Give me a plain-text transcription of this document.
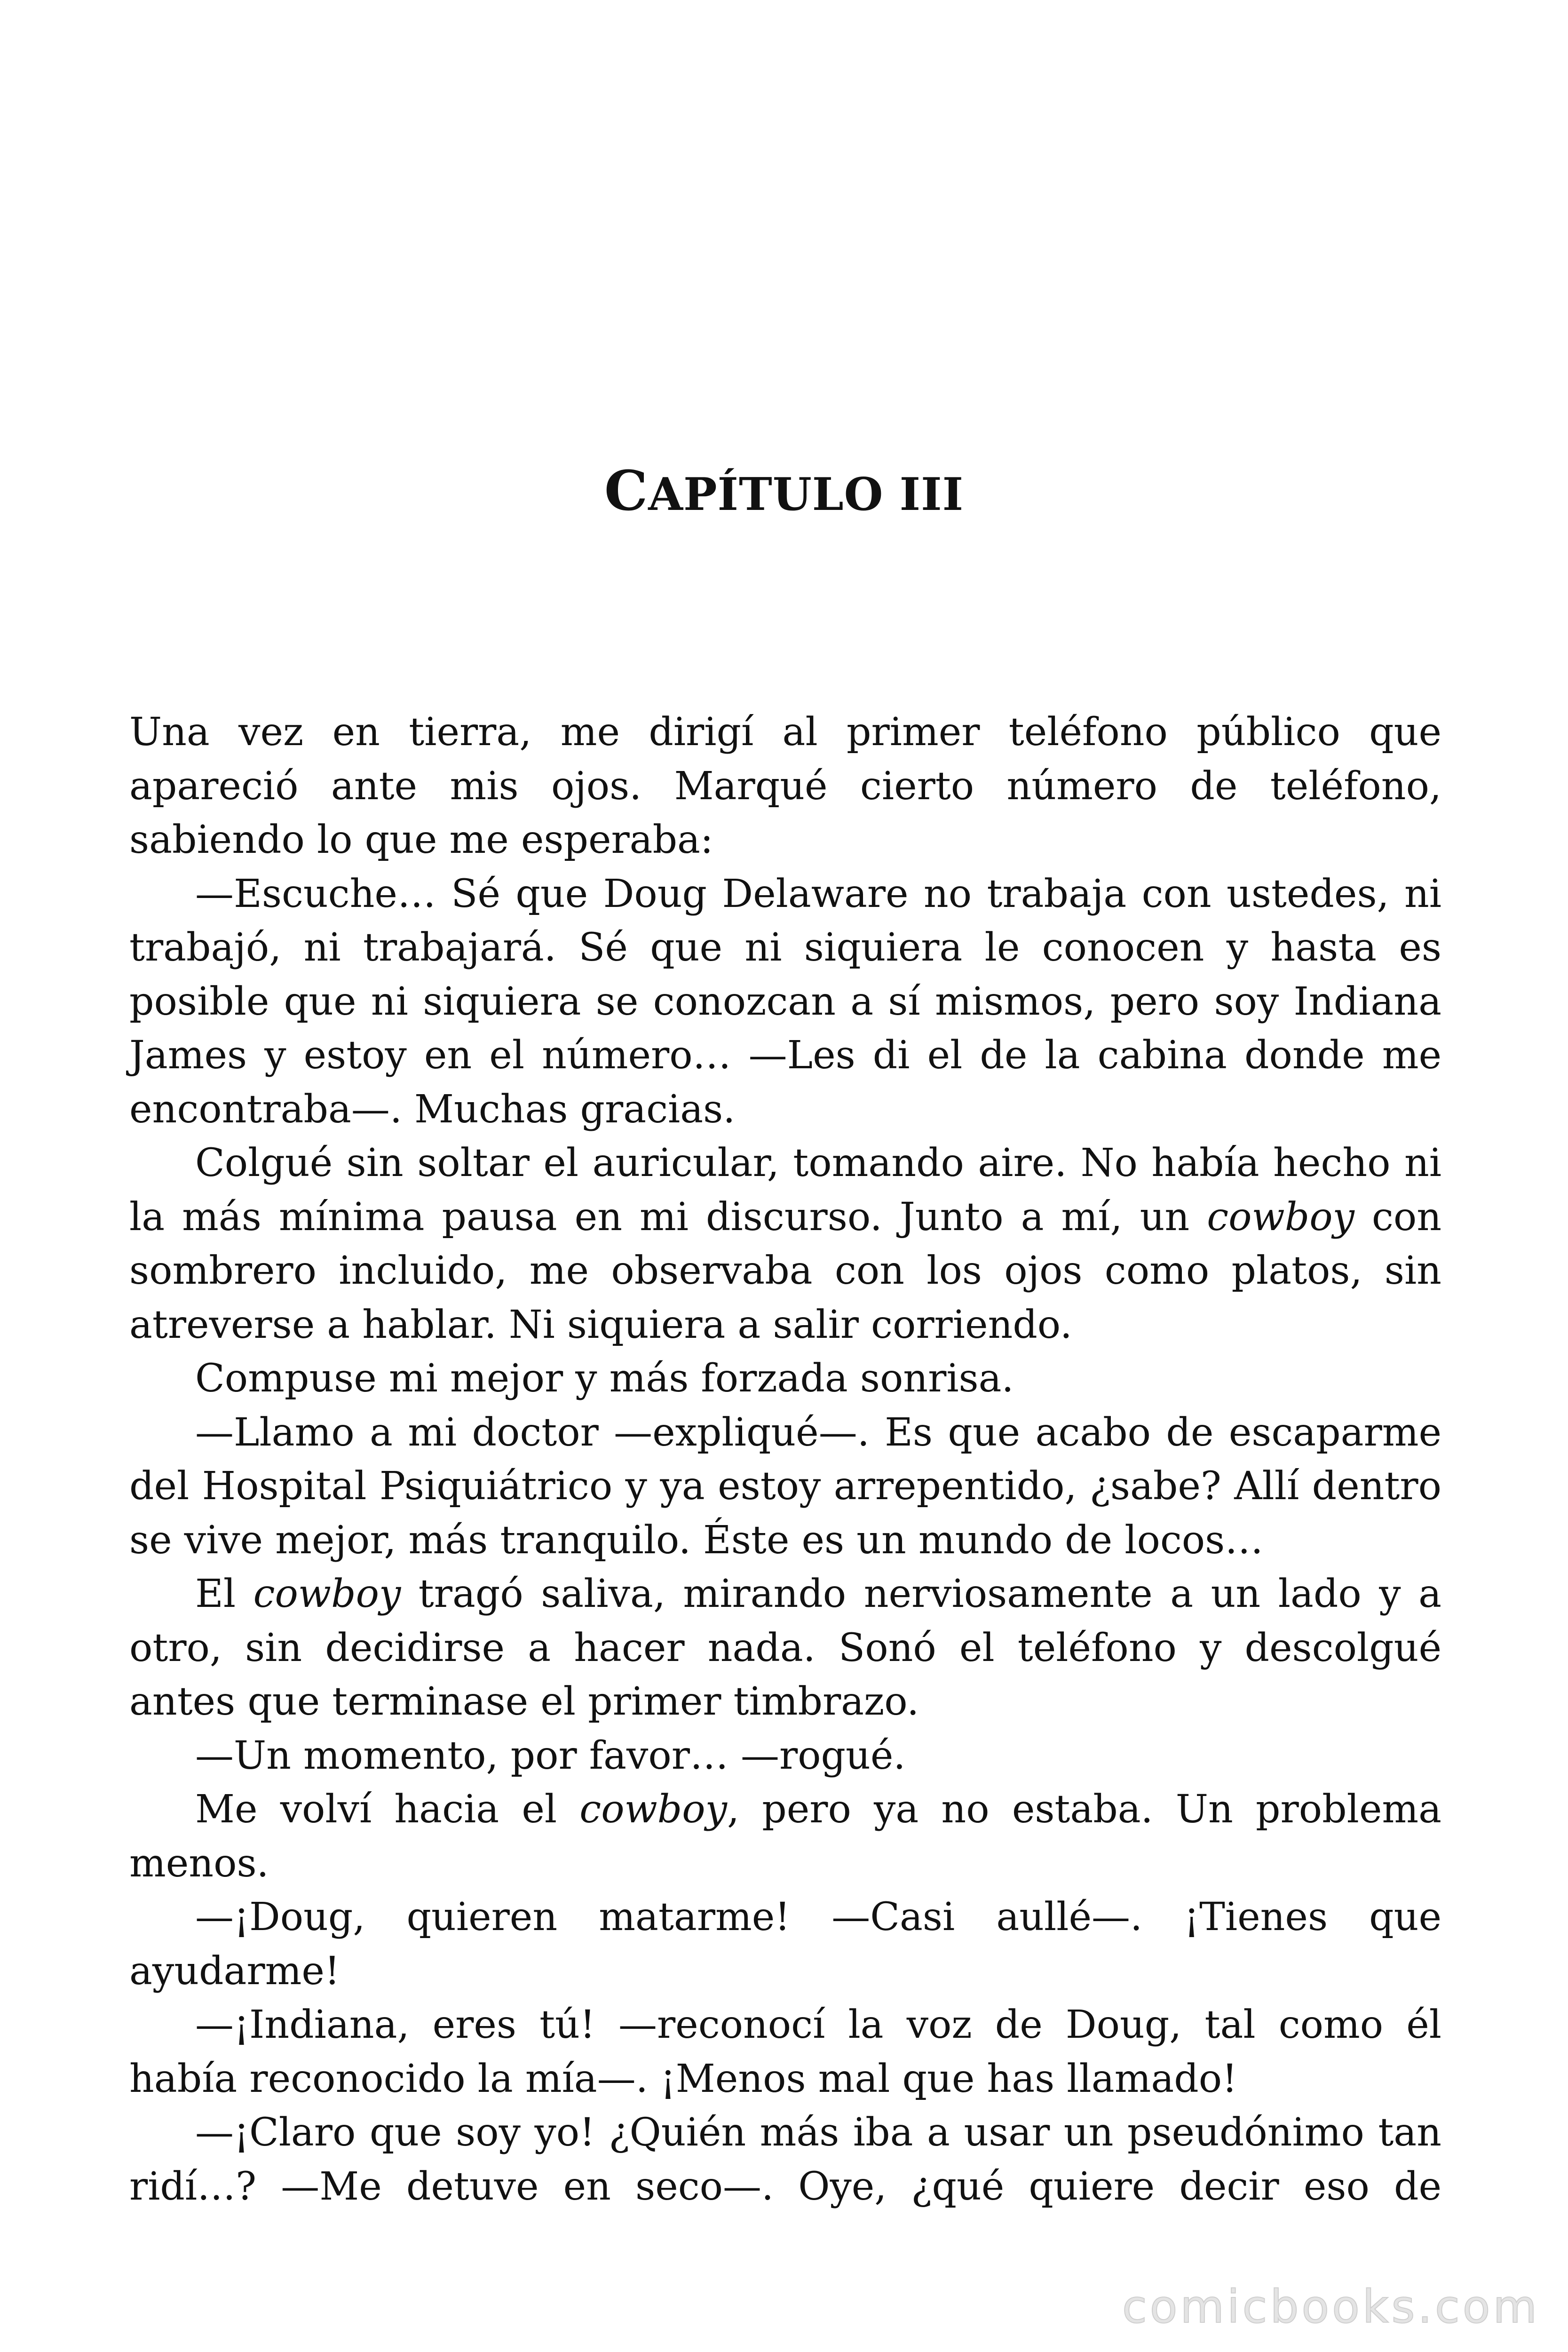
CAPÍTULO III

Una vez en tierra, me dirigí al primer teléfono público que apareció ante mis ojos. Marqué cierto número de teléfono, sabiendo lo que me esperaba:

—Escuche… Sé que Doug Delaware no trabaja con ustedes, ni trabajó, ni trabajará. Sé que ni siquiera le conocen y hasta es posible que ni siquiera se conozcan a sí mismos, pero soy Indiana James y estoy en el número… —Les di el de la cabina donde me encontraba—. Muchas gracias.

Colgué sin soltar el auricular, tomando aire. No había hecho ni la más mínima pausa en mi discurso. Junto a mí, un cowboy con sombrero incluido, me observaba con los ojos como platos, sin atreverse a hablar. Ni siquiera a salir corriendo.

Compuse mi mejor y más forzada sonrisa.

—Llamo a mi doctor —expliqué—. Es que acabo de escaparme del Hospital Psiquiátrico y ya estoy arrepentido, ¿sabe? Allí dentro se vive mejor, más tranquilo. Éste es un mundo de locos…

El cowboy tragó saliva, mirando nerviosamente a un lado y a otro, sin decidirse a hacer nada. Sonó el teléfono y descolgué antes que terminase el primer timbrazo.

—Un momento, por favor… —rogué.

Me volví hacia el cowboy, pero ya no estaba. Un problema menos.

—¡Doug, quieren matarme! —Casi aullé—. ¡Tienes que ayudarme!

—¡Indiana, eres tú! —reconocí la voz de Doug, tal como él había reconocido la mía—. ¡Menos mal que has llamado!

—¡Claro que soy yo! ¿Quién más iba a usar un pseudónimo tan ridí…? —Me detuve en seco—. Oye, ¿qué quiere decir eso de

comicbooks.com
